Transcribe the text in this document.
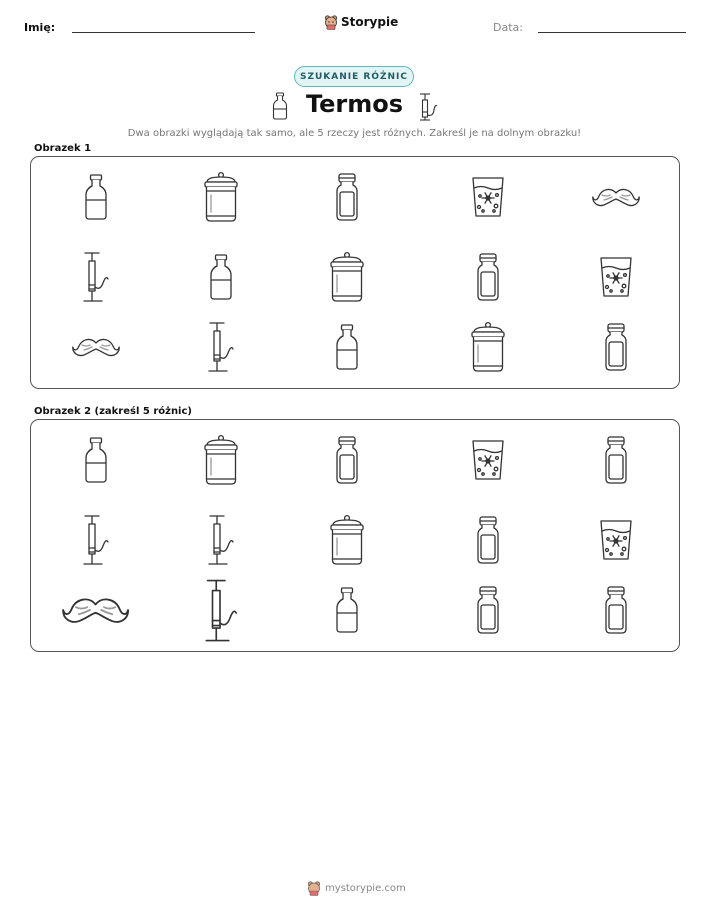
Imię:	Storypie	Data:
SZUKANIE RÓŻNIC
Termos
Dwa obrazki wyglądają tak samo, ale 5 rzeczy jest różnych. Zakreśl je na dolnym obrazku!
Obrazek 1
Obrazek 2 (zakreśl 5 różnic)
mystorypie.com
